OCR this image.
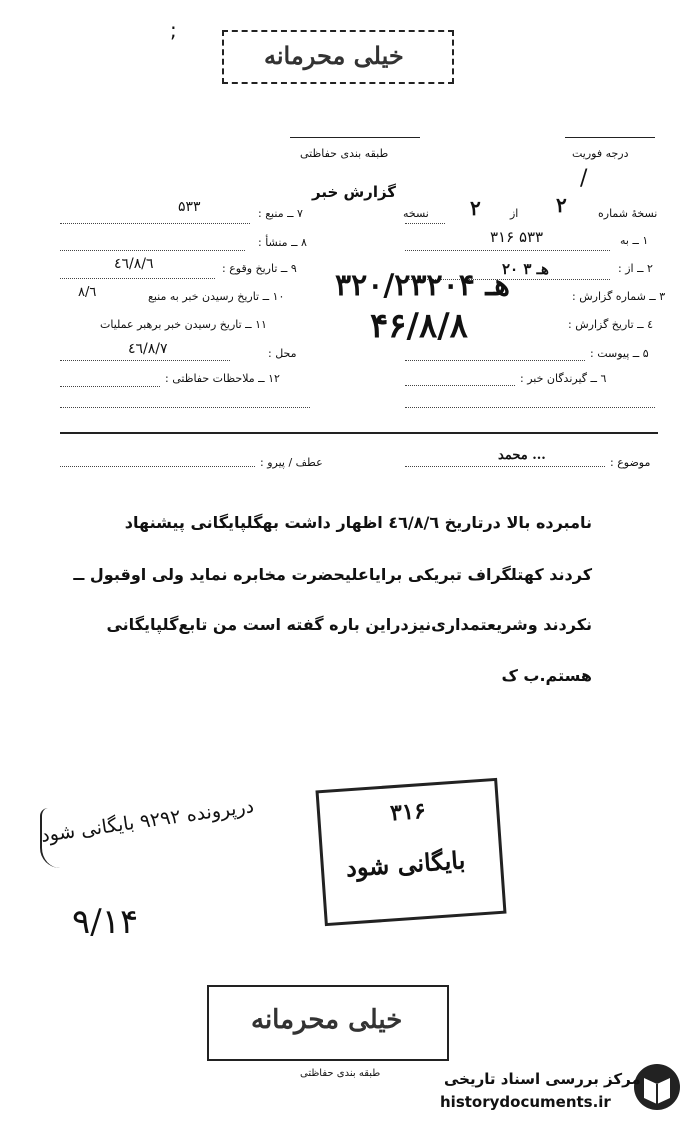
خیلی محرمانه
;
طبقه بندی حفاظتی	درجه فوریت
/
گزارش خبر
نسخهٔ شماره
۲
از
۲
نسخه
۱ ــ به
۳۱۶ ۵۳۳
۲ ــ از :
۲۰ هـ ۳
۳ ــ شماره گزارش :
۳هـ ۲۰/۲۳۲۰۴
٤ ــ تاریخ گزارش :
۴۶/۸/۸
۵ ــ پیوست :
٦ ــ گیرندگان خبر :
۷ ــ منبع :
۵۳۳
۸ ــ منشأ :
۹ ــ تاریخ وقوع :
٤٦/٨/٦
۱۰ ــ تاریخ رسیدن خبر به منبع
٨/٦
۱۱ ــ تاریخ رسیدن خبر برهبر عملیات
محل :
٤٦/٨/٧
۱۲ ــ ملاحظات حفاظتی :
موضوع :
محمد ...
عطف / پیرو :
نامبرده بالا درتاریخ ٤٦/٨/٦ اظهار داشت بهگلپایگانی پیشنهاد
کردند کهتلگراف تبریکی برایاعلیحضرت مخابره نماید ولی اوقبول ــ
نکردند وشریعتمداری‌نیزدراین باره گفته است من تابع‌گلپایگانی
هستم.ب ک
درپرونده ۹۲۹۲ بایگانی شود
۹/۱۴
۳۱۶
بایگانی شود
خیلی محرمانه
طبقه بندی حفاظتی	مرکز بررسی اسناد تاریخی
historydocuments.ir
